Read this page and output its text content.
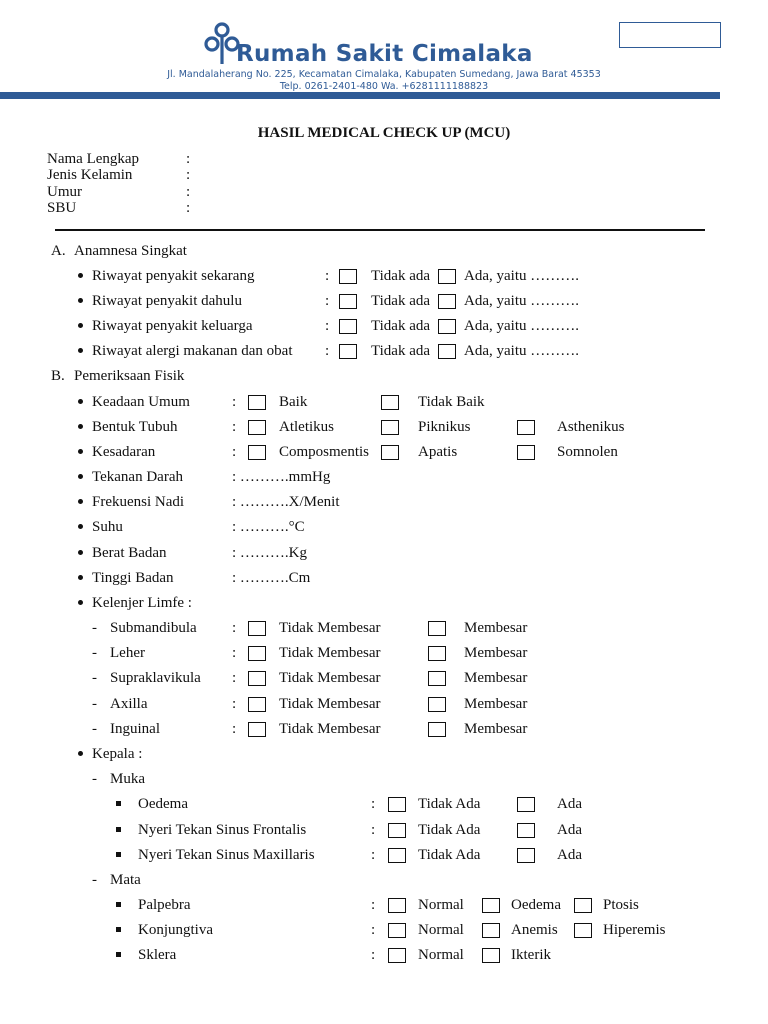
Rumah Sakit Cimalaka
Jl. Mandalaherang No. 225, Kecamatan Cimalaka, Kabupaten Sumedang, Jawa Barat 45353
Telp. 0261-2401-480 Wa. +6281111188823
HASIL MEDICAL CHECK UP (MCU)
Nama Lengkap	:
Jenis Kelamin	:
Umur	:
SBU	:
A. Anamnesa Singkat
Riwayat penyakit sekarang	:	Tidak ada Ada, yaitu ……….
Riwayat penyakit dahulu	:	Tidak ada Ada, yaitu ……….
Riwayat penyakit keluarga	:	Tidak ada Ada, yaitu ……….
Riwayat alergi makanan dan obat :	Tidak ada Ada, yaitu ……….
B. Pemeriksaan Fisik
Keadaan Umum	:	Baik	Tidak Baik
Bentuk Tubuh	:	Atletikus	Piknikus	Asthenikus
Kesadaran	:	Composmentis	Apatis	Somnolen
Tekanan Darah	: ……….mmHg
Frekuensi Nadi	: ……….X/Menit
Suhu	: ……….°C
Berat Badan	: ……….Kg
Tinggi Badan	: ……….Cm
Kelenjer Limfe :
- Submandibula :	Tidak Membesar	Membesar
- Leher	:	Tidak Membesar	Membesar
- Supraklavikula :	Tidak Membesar	Membesar
- Axilla	:	Tidak Membesar	Membesar
- Inguinal	:	Tidak Membesar	Membesar
Kepala :
- Muka
Oedema	:	Tidak Ada	Ada
Nyeri Tekan Sinus Frontalis	:	Tidak Ada	Ada
Nyeri Tekan Sinus Maxillaris	:	Tidak Ada	Ada
- Mata
Palpebra	:	Normal	Oedema	Ptosis
Konjungtiva	:	Normal	Anemis	Hiperemis
Sklera	:	Normal	Ikterik
